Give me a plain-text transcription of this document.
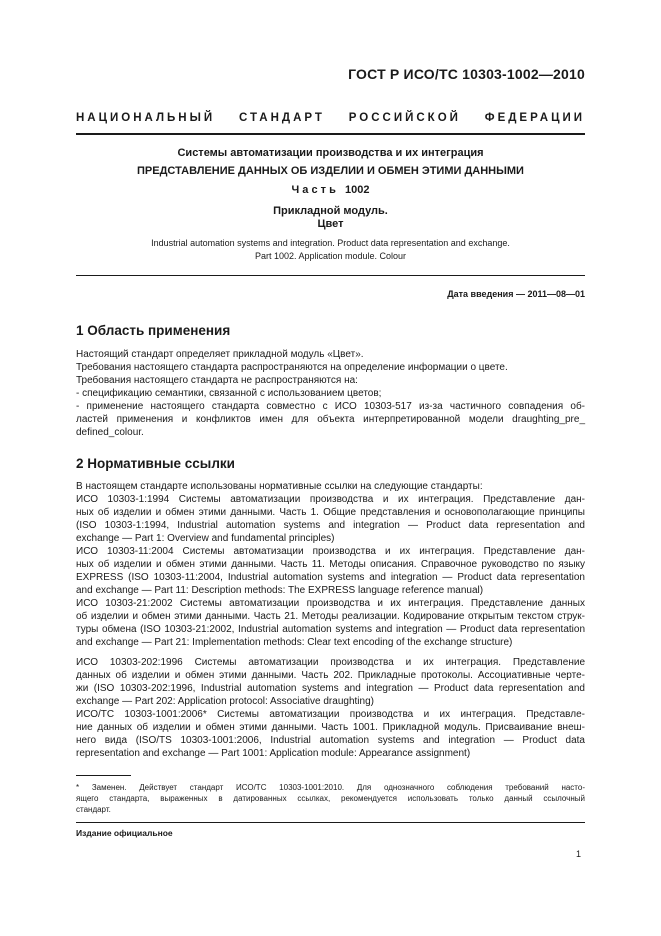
ГОСТ Р ИСО/ТС 10303-1002—2010
НАЦИОНАЛЬНЫЙ СТАНДАРТ РОССИЙСКОЙ ФЕДЕРАЦИИ
Системы автоматизации производства и их интеграция
ПРЕДСТАВЛЕНИЕ ДАННЫХ ОБ ИЗДЕЛИИ И ОБМЕН ЭТИМИ ДАННЫМИ
Ч а с т ь   1002
Прикладной модуль.
Цвет
Industrial automation systems and integration. Product data representation and exchange.
Part 1002. Application module. Colour
Дата введения — 2011—08—01
1 Область применения
Настоящий стандарт определяет прикладной модуль «Цвет».
Требования настоящего стандарта распространяются на определение информации о цвете.
Требования настоящего стандарта не распространяются на:
- спецификацию семантики, связанной с использованием цветов;
- применение настоящего стандарта совместно с ИСО 10303-517 из-за частичного совпадения об-
ластей применения и конфликтов имен для объекта интерпретированной модели draughting_pre_
defined_colour.
2 Нормативные ссылки
В настоящем стандарте использованы нормативные ссылки на следующие стандарты:
ИСО 10303-1:1994 Системы автоматизации производства и их интеграция. Представление дан-
ных об изделии и обмен этими данными. Часть 1. Общие представления и основополагающие принципы
(ISO 10303-1:1994, Industrial automation systems and integration — Product data representation and
exchange — Part 1: Overview and fundamental principles)
ИСО 10303-11:2004 Системы автоматизации производства и их интеграция. Представление дан-
ных об изделии и обмен этими данными. Часть 11. Методы описания. Справочное руководство по языку
EXPRESS (ISO 10303-11:2004, Industrial automation systems and integration — Product data representation
and exchange — Part 11: Description methods: The EXPRESS language reference manual)
ИСО 10303-21:2002 Системы автоматизации производства и их интеграция. Представление данных
об изделии и обмен этими данными. Часть 21. Методы реализации. Кодирование открытым текстом струк-
туры обмена (ISO 10303-21:2002, Industrial automation systems and integration — Product data representation
and exchange — Part 21: Implementation methods: Clear text encoding of the exchange structure)
ИСО 10303-202:1996 Системы автоматизации производства и их интеграция. Представление
данных об изделии и обмен этими данными. Часть 202. Прикладные протоколы. Ассоциативные черте-
жи (ISO 10303-202:1996, Industrial automation systems and integration — Product data representation and
exchange — Part 202: Application protocol: Associative draughting)
ИСО/ТС 10303-1001:2006* Системы автоматизации производства и их интеграция. Представле-
ние данных об изделии и обмен этими данными. Часть 1001. Прикладной модуль. Присваивание внеш-
него вида (ISO/TS 10303-1001:2006, Industrial automation systems and integration — Product data
representation and exchange — Part 1001: Application module: Appearance assignment)
* Заменен. Действует стандарт ИСО/ТС 10303-1001:2010. Для однозначного соблюдения требований насто-
ящего стандарта, выраженных в датированных ссылках, рекомендуется использовать только данный ссылочный
стандарт.
Издание официальное
1
